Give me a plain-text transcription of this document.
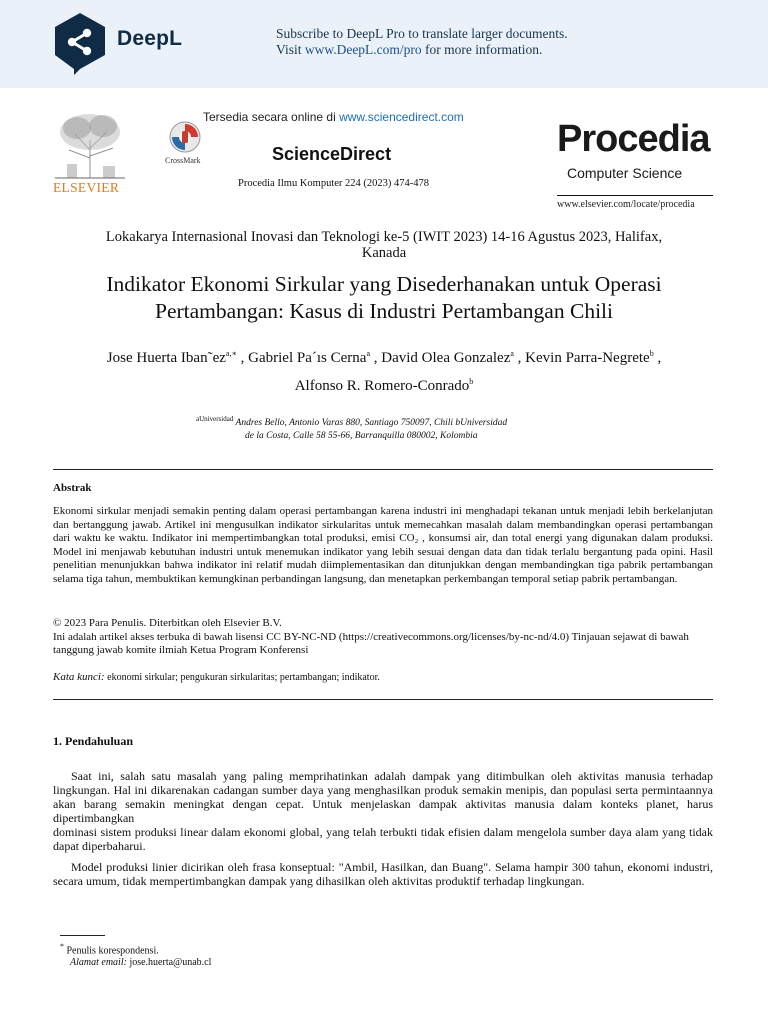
DeepL	Subscribe to DeepL Pro to translate larger documents.
Visit www.DeepL.com/pro for more information.
ELSEVIER
CrossMark
Tersedia secara online di www.sciencedirect.com
ScienceDirect
Procedia Ilmu Komputer 224 (2023) 474-478
Procedia
Computer Science
www.elsevier.com/locate/procedia
Lokakarya Internasional Inovasi dan Teknologi ke-5 (IWIT 2023) 14-16 Agustus 2023, Halifax, Kanada
Indikator Ekonomi Sirkular yang Disederhanakan untuk Operasi Pertambangan: Kasus di Industri Pertambangan Chili
Jose Huerta $Iban˜ez^{a,∗}$ , Gabriel Pa´ıs Cerna$^a$ , David Olea Gonzalez$^a$ , Kevin Parra-Negrete$^b$ ,
Alfonso R. Romero-Conrado$^b$
$^{aUniversidad}$ Andres Bello, Antonio Varas 880, Santiago 750097, Chili bUniversidad
de la Costa, Calle 58 55-66, Barranquilla 080002, Kolombia
Abstrak
Ekonomi sirkular menjadi semakin penting dalam operasi pertambangan karena industri ini menghadapi tekanan untuk menjadi lebih berkelanjutan dan bertanggung jawab. Artikel ini mengusulkan indikator sirkularitas untuk memecahkan masalah dalam membandingkan operasi pertambangan dari waktu ke waktu. Indikator ini mempertimbangkan total produksi, emisi CO₂ , konsumsi air, dan total energi yang digunakan dalam produksi. Model ini menjawab kebutuhan industri untuk menemukan indikator yang lebih sesuai dengan data dan tidak terlalu bergantung pada opini. Hasil penelitian menunjukkan bahwa indikator ini relatif mudah diimplementasikan dan ditunjukkan dengan membandingkan tiga pabrik pertambangan selama tiga tahun, membuktikan kemungkinan perbandingan langsung, dan menetapkan perkembangan temporal setiap pabrik pertambangan.
© 2023 Para Penulis. Diterbitkan oleh Elsevier B.V.
Ini adalah artikel akses terbuka di bawah lisensi CC BY-NC-ND (https://creativecommons.org/licenses/by-nc-nd/4.0) Tinjauan sejawat di bawah tanggung jawab komite ilmiah Ketua Program Konferensi
Kata kunci: ekonomi sirkular; pengukuran sirkularitas; pertambangan; indikator.
1. Pendahuluan
Saat ini, salah satu masalah yang paling memprihatinkan adalah dampak yang ditimbulkan oleh aktivitas manusia terhadap lingkungan. Hal ini dikarenakan cadangan sumber daya yang menghasilkan produk semakin menipis, dan populasi serta permintaannya akan barang semakin meningkat dengan cepat. Untuk menjelaskan dampak aktivitas manusia dalam konteks planet, harus dipertimbangkan
dominasi sistem produksi linear dalam ekonomi global, yang telah terbukti tidak efisien dalam mengelola sumber daya alam yang tidak dapat diperbaharui.
Model produksi linier dicirikan oleh frasa konseptual: "Ambil, Hasilkan, dan Buang". Selama hampir 300 tahun, ekonomi industri, secara umum, tidak mempertimbangkan dampak yang dihasilkan oleh aktivitas produktif terhadap lingkungan.
* Penulis korespondensi.
Alamat email: jose.huerta@unab.cl
